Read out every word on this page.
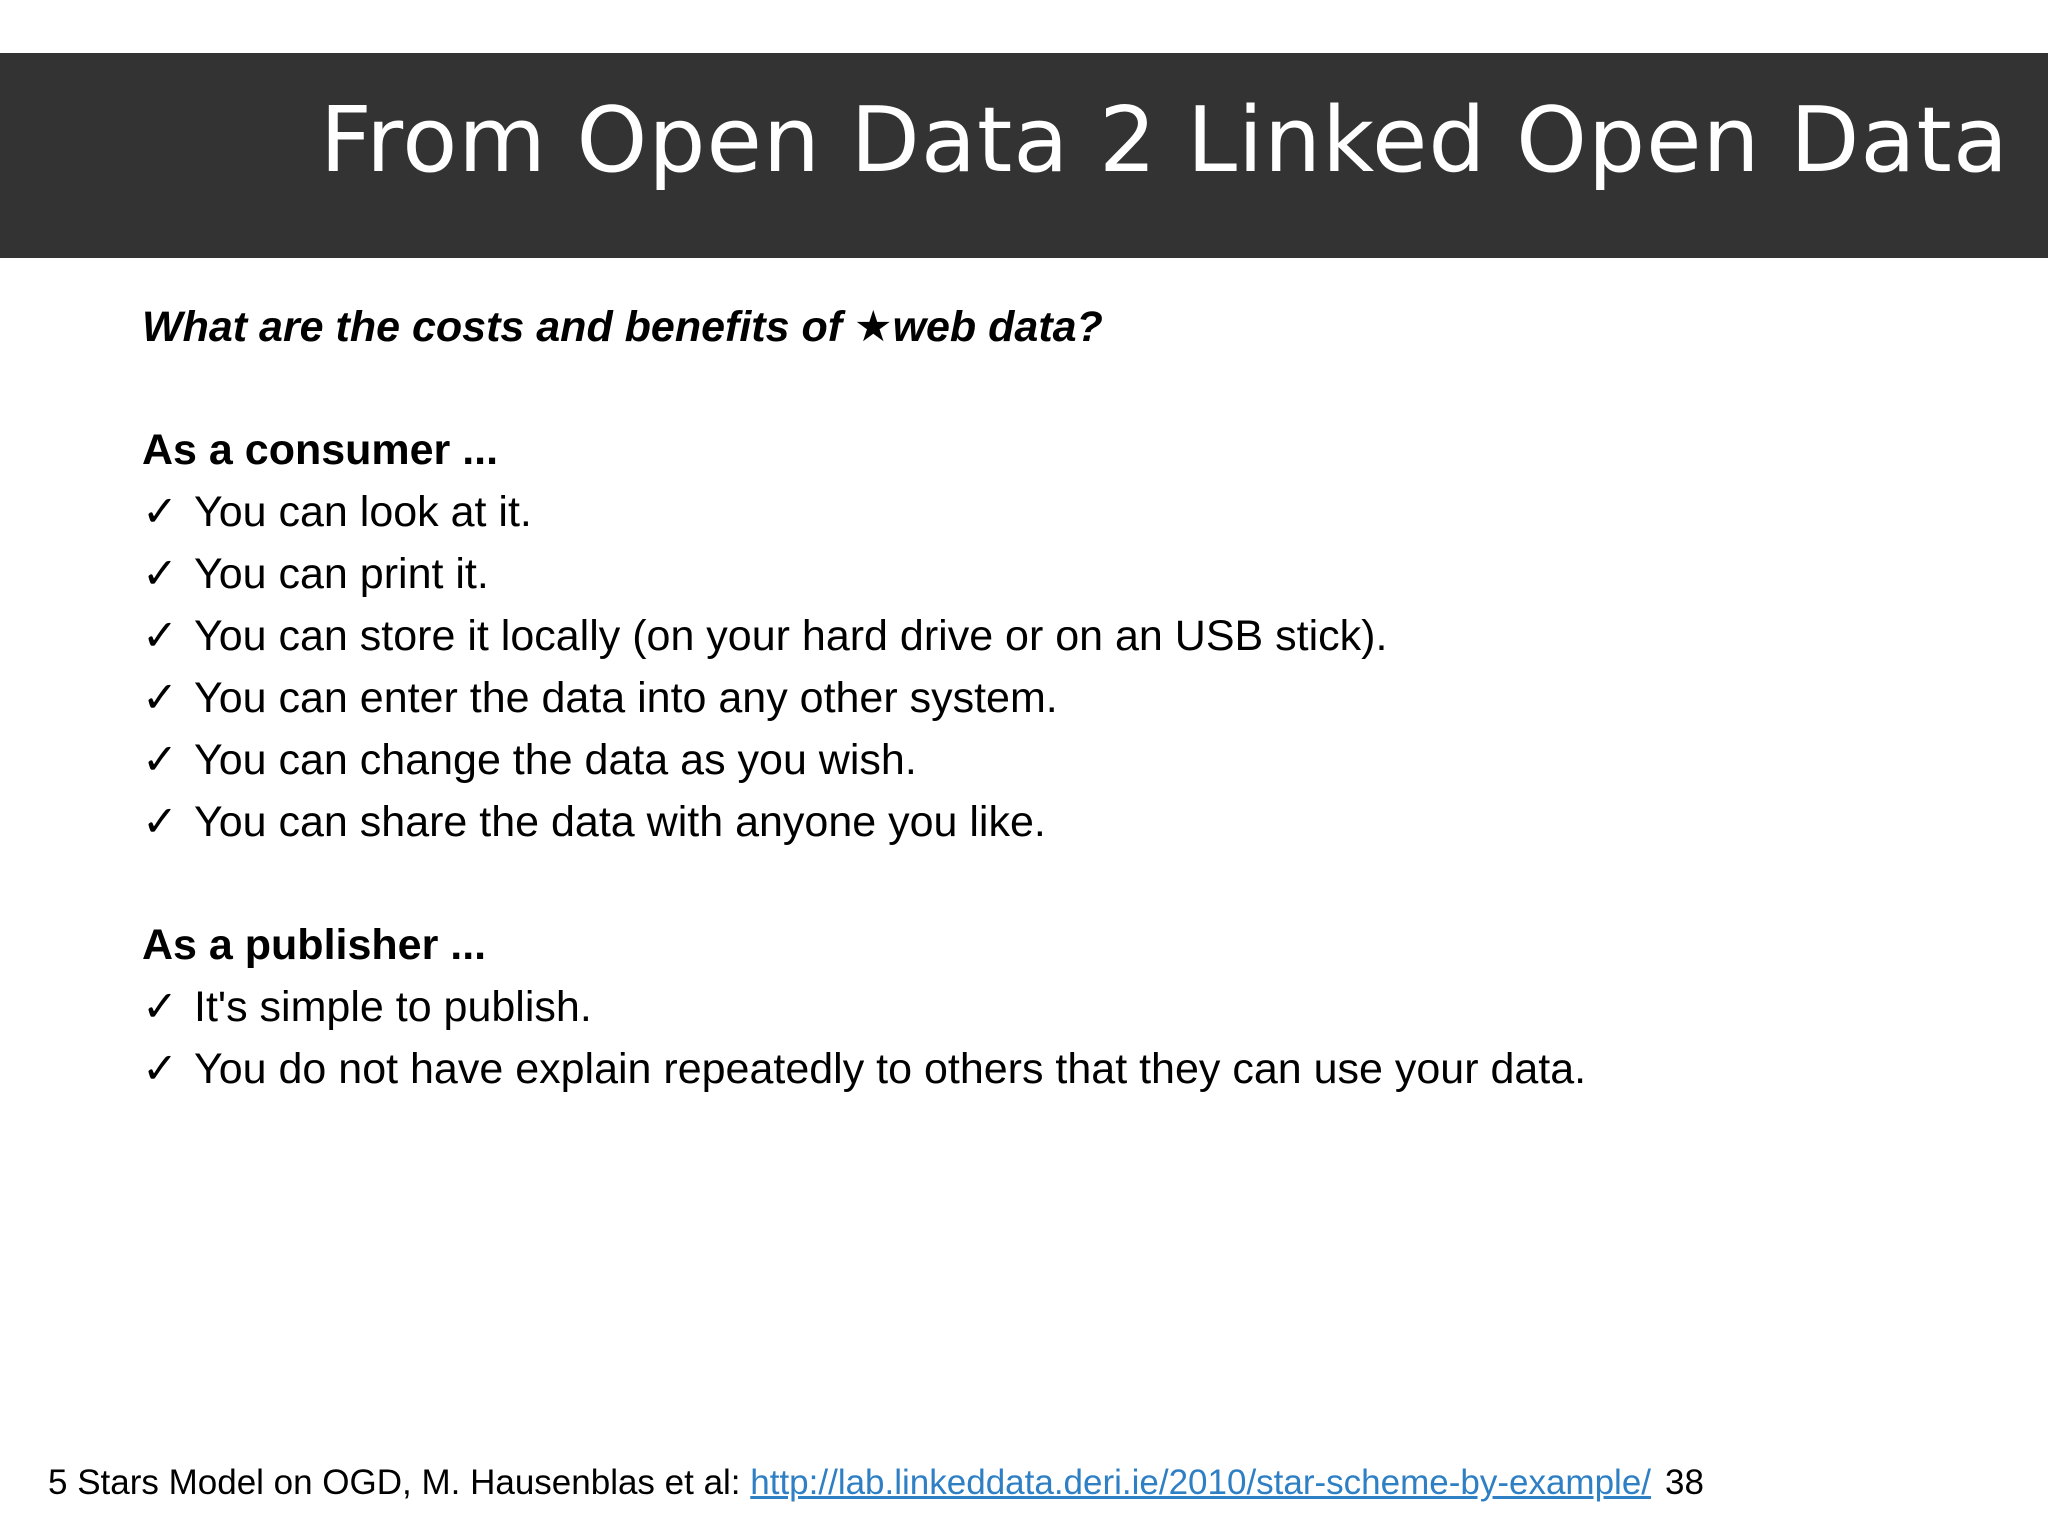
From Open Data 2 Linked Open Data
What are the costs and benefits of ★web data?
As a consumer ...
✓ You can look at it.
✓ You can print it.
✓ You can store it locally (on your hard drive or on an USB stick).
✓ You can enter the data into any other system.
✓ You can change the data as you wish.
✓ You can share the data with anyone you like.
As a publisher ...
✓ It's simple to publish.
✓ You do not have explain repeatedly to others that they can use your data.
5 Stars Model on OGD, M. Hausenblas et al: http://lab.linkeddata.deri.ie/2010/star-scheme-by-example/ 38
